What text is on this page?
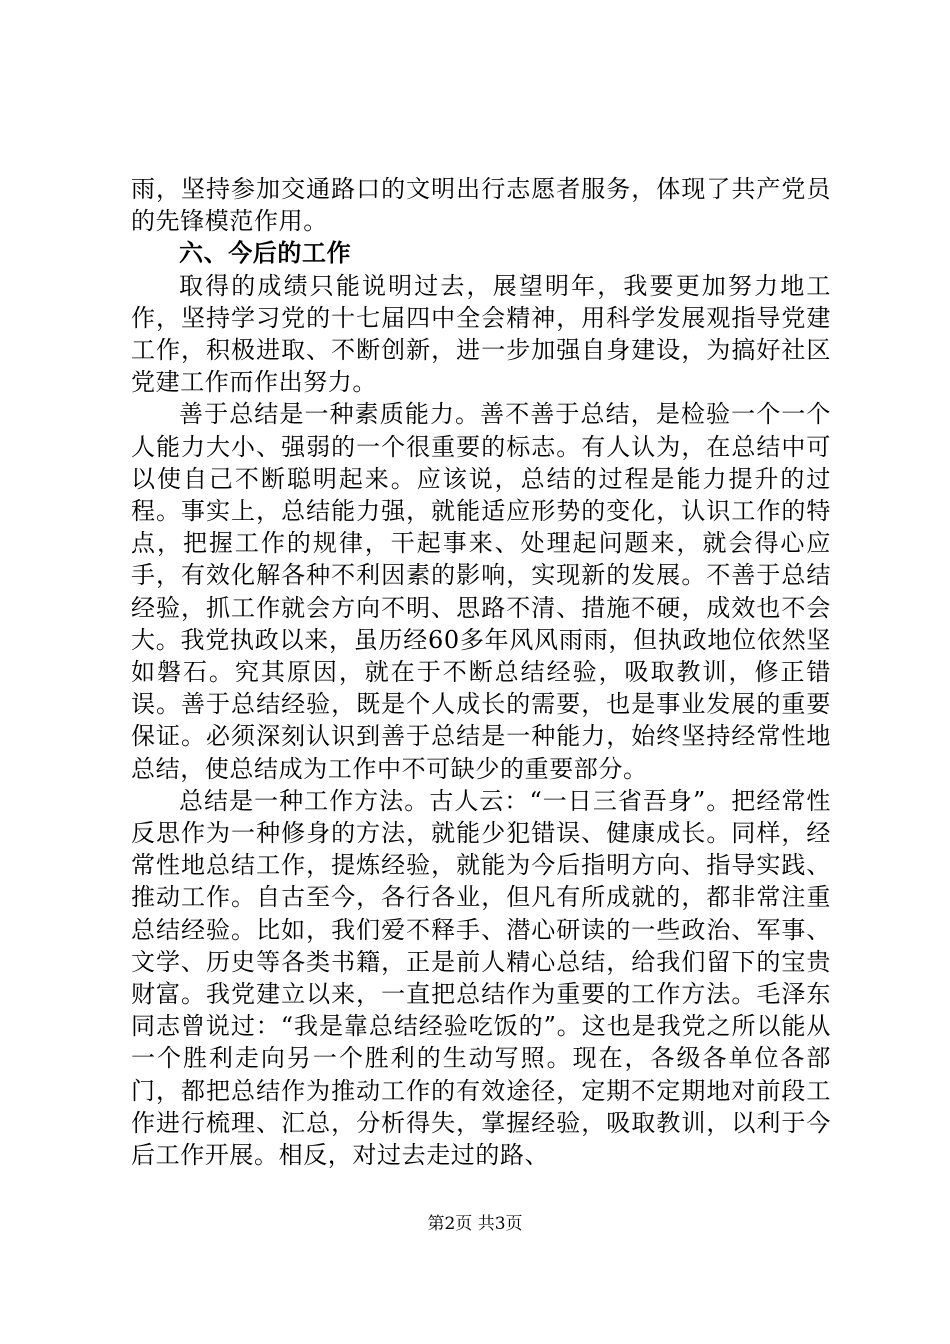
雨，坚持参加交通路口的文明出行志愿者服务，体现了共产党员的先锋模范作用。

六、今后的工作

取得的成绩只能说明过去，展望明年，我要更加努力地工作，坚持学习党的十七届四中全会精神，用科学发展观指导党建工作，积极进取、不断创新，进一步加强自身建设，为搞好社区党建工作而作出努力。

善于总结是一种素质能力。善不善于总结，是检验一个一个人能力大小、强弱的一个很重要的标志。有人认为，在总结中可以使自己不断聪明起来。应该说，总结的过程是能力提升的过程。事实上，总结能力强，就能适应形势的变化，认识工作的特点，把握工作的规律，干起事来、处理起问题来，就会得心应手，有效化解各种不利因素的影响，实现新的发展。不善于总结经验，抓工作就会方向不明、思路不清、措施不硬，成效也不会大。我党执政以来，虽历经60多年风风雨雨，但执政地位依然坚如磐石。究其原因，就在于不断总结经验，吸取教训，修正错误。善于总结经验，既是个人成长的需要，也是事业发展的重要保证。必须深刻认识到善于总结是一种能力，始终坚持经常性地总结，使总结成为工作中不可缺少的重要部分。

总结是一种工作方法。古人云：“一日三省吾身”。把经常性反思作为一种修身的方法，就能少犯错误、健康成长。同样，经常性地总结工作，提炼经验，就能为今后指明方向、指导实践、推动工作。自古至今，各行各业，但凡有所成就的，都非常注重总结经验。比如，我们爱不释手、潜心研读的一些政治、军事、文学、历史等各类书籍，正是前人精心总结，给我们留下的宝贵财富。我党建立以来，一直把总结作为重要的工作方法。毛泽东同志曾说过：“我是靠总结经验吃饭的”。这也是我党之所以能从一个胜利走向另一个胜利的生动写照。现在，各级各单位各部门，都把总结作为推动工作的有效途径，定期不定期地对前段工作进行梳理、汇总，分析得失，掌握经验，吸取教训，以利于今后工作开展。相反，对过去走过的路、

第2页 共3页
